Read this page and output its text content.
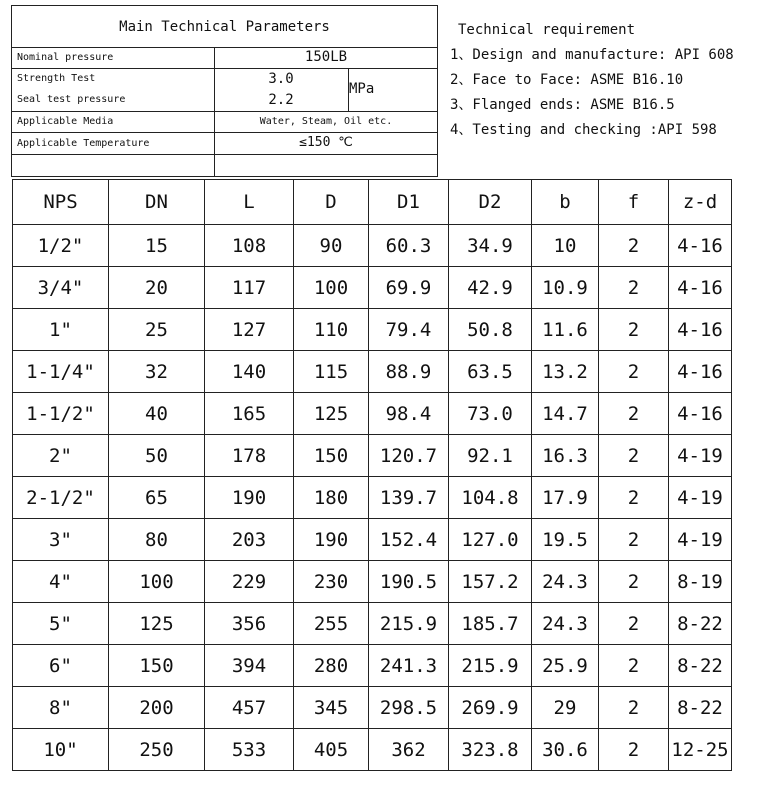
Main Technical Parameters
Nominal pressure	150LB
Strength Test	3.0
Seal test pressure	2.2
MPa
Applicable Media	Water, Steam, Oil etc.
Applicable Temperature	≤150 ℃
Technical requirement
1、Design and manufacture: API 608
2、Face to Face: ASME B16.10
3、Flanged ends: ASME B16.5
4、Testing and checking :API 598
NPS	DN	L	D	D1	D2	b	f	z-d
1/2"	15	108	90	60.3	34.9	10	2	4-16
3/4"	20	117	100	69.9	42.9	10.9	2	4-16
1"	25	127	110	79.4	50.8	11.6	2	4-16
1-1/4"	32	140	115	88.9	63.5	13.2	2	4-16
1-1/2"	40	165	125	98.4	73.0	14.7	2	4-16
2"	50	178	150	120.7	92.1	16.3	2	4-19
2-1/2"	65	190	180	139.7	104.8	17.9	2	4-19
3"	80	203	190	152.4	127.0	19.5	2	4-19
4"	100	229	230	190.5	157.2	24.3	2	8-19
5"	125	356	255	215.9	185.7	24.3	2	8-22
6"	150	394	280	241.3	215.9	25.9	2	8-22
8"	200	457	345	298.5	269.9	29	2	8-22
10"	250	533	405	362	323.8	30.6	2	12-25
